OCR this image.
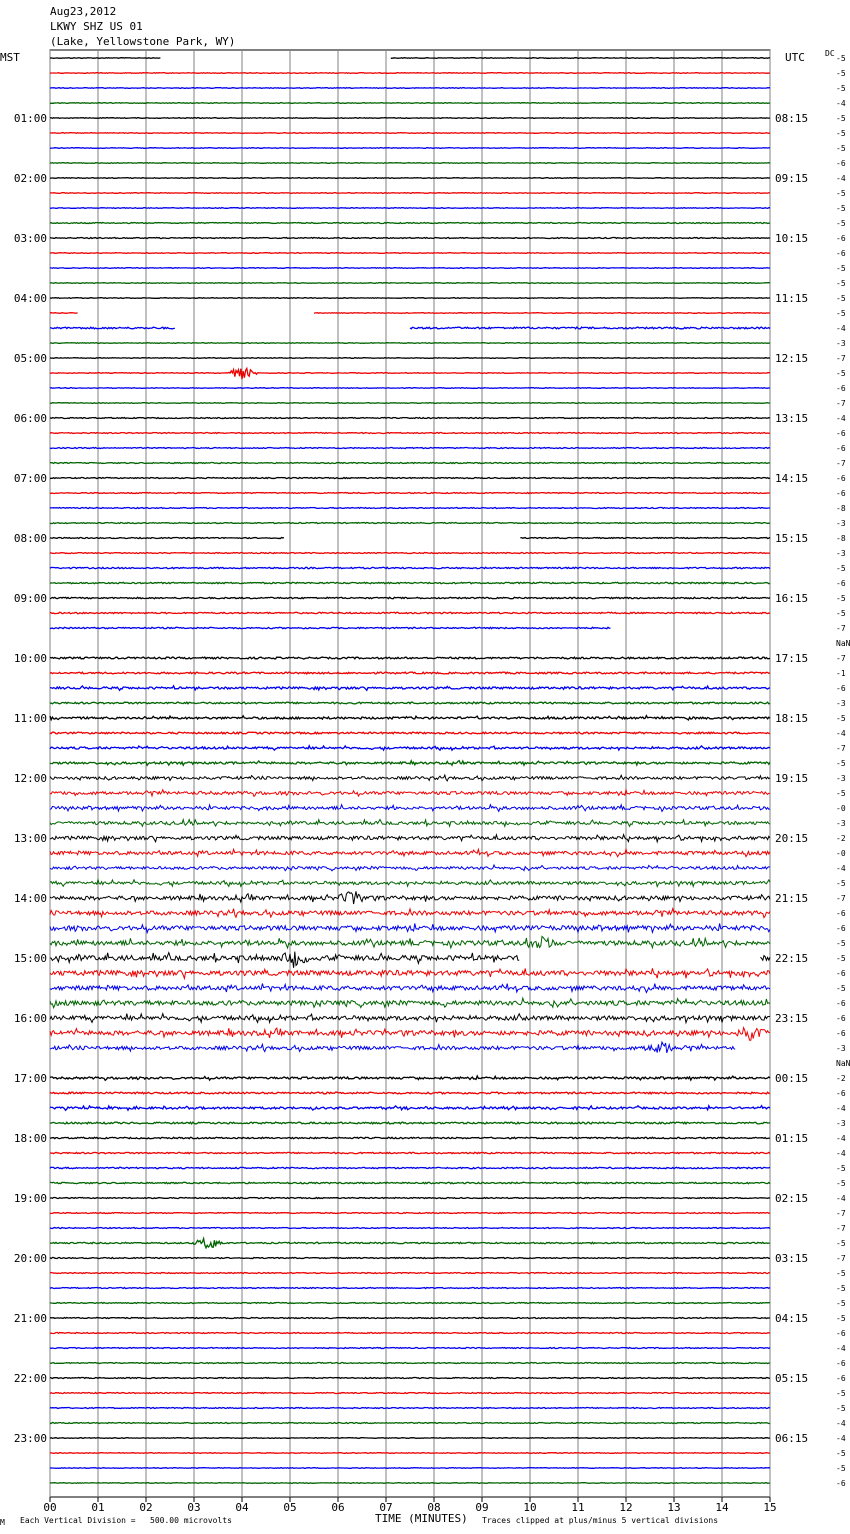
Aug23,2012
LKWY SHZ US 01
(Lake, Yellowstone Park, WY)
00	01	02	03	04	05	06	07	08	09	10	11	12	13	14	15
-5
-5
-5
-4
-5
-5
-5
-6
-4
-5
-5
-5
-6
-6
-5
-5
-5
-5
-4
-3
-7
-5
-6
-7
-4
-6
-6
-7
-6
-6
-8
-3
-8
-3
-5
-6
-5
-5
-7
NaN
-7
-1
-6
-3
-5
-4
-7
-5
-3
-5
-0
-3
-2
-0
-4
-5
-7
-6
-6
-5
-5
-6
-5
-6
-6
-6
-3
NaN
-2
-6
-4
-3
-4
-4
-5
-5
-4
-7
-7
-5
-7
-5
-5
-5
-5
-6
-4
-6
-6
-5
-5
-4
-4
-5
-5
-6
01:00	08:15
02:00	09:15
03:00	10:15
04:00	11:15
05:00	12:15
06:00	13:15
07:00	14:15
08:00	15:15
09:00	16:15
10:00	17:15
11:00	18:15
12:00	19:15
13:00	20:15
14:00	21:15
15:00	22:15
16:00	23:15
17:00	00:15
18:00	01:15
19:00	02:15
20:00	03:15
21:00	04:15
22:00	05:15
23:00	06:15
MST	UTC	DC
M Each Vertical Division =   500.00 microvolts	TIME (MINUTES) Traces clipped at plus/minus 5 vertical divisions
